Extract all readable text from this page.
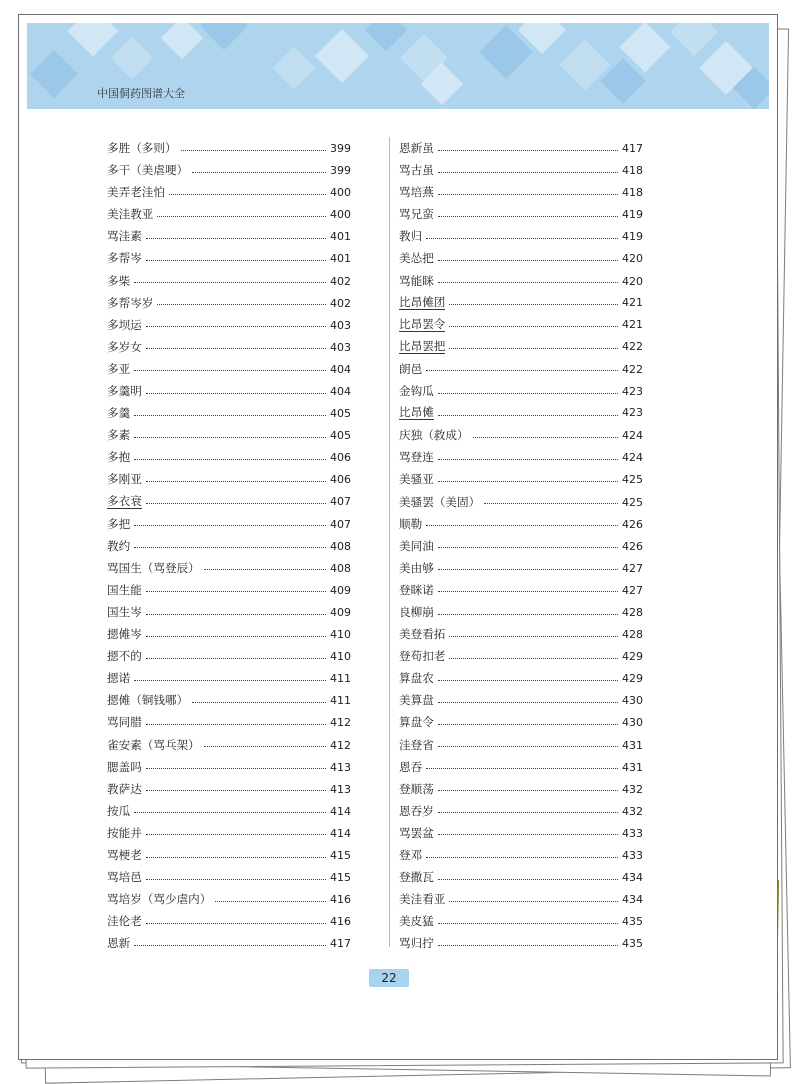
中国侗药图谱大全
多胜（多则）	399
多干（美虐哽）	399
美弄老洼怕	400
美洼教亚	400
骂洼素	401
多帮岑	401
多柴	402
多帮岑岁	402
多坝运	403
多岁女	403
多亚	404
多羹明	404
多羹	405
多素	405
多抱	406
多刚亚	406
多衣衰	407
多把	407
教约	408
骂国生（骂登辰）	408
国生能	409
国生岑	409
摁傩岑	410
摁不的	410
摁诺	411
摁傩（铜钱哪）	411
骂同腊	412
雀安素（骂乓架）	412
腮盖吗	413
教萨达	413
按瓜	414
按能并	414
骂梗老	415
骂培邑	415
骂培岁（骂少虐内）	416
洼伦老	416
恩新	417
恩新虽	417
骂古虽	418
骂培燕	418
骂兄蛮	419
教归	419
美怂把	420
骂能眯	420
比昂傩团	421
比昂罢令	421
比昂罢把	422
朗邑	422
金钩瓜	423
比昂傩	423
庆独（救成）	424
骂登连	424
美骚亚	425
美骚罢（美固）	425
顺勒	426
美同油	426
美由够	427
登眯诺	427
良柳崩	428
美登看拓	428
登苟扣老	429
算盘农	429
美算盘	430
算盘令	430
洼登省	431
恩吞	431
登顺荡	432
恩吞岁	432
骂罢盆	433
登邓	433
登撒瓦	434
美洼看亚	434
美皮猛	435
骂归拧	435
22
